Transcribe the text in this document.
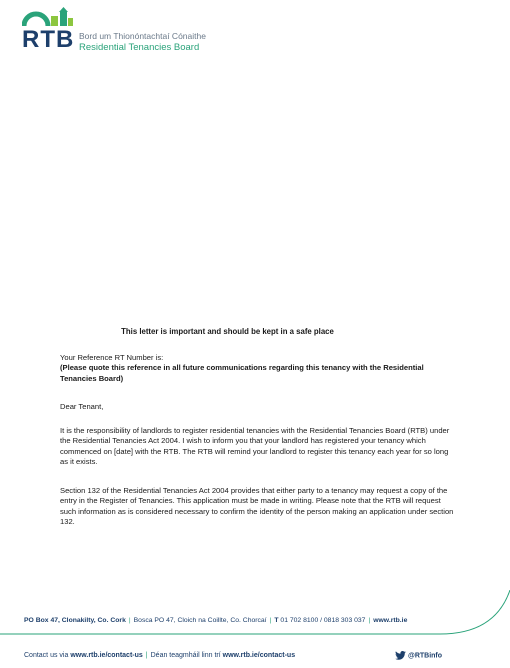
RTB Bord um Thionóntachtaí Cónaithe
Residential Tenancies Board
This letter is important and should be kept in a safe place

Your Reference RT Number is:

(Please quote this reference in all future communications regarding this tenancy with the Residential Tenancies Board)

Dear Tenant,

It is the responsibility of landlords to register residential tenancies with the Residential Tenancies Board (RTB) under the Residential Tenancies Act 2004. I wish to inform you that your landlord has registered your tenancy which commenced on [date] with the RTB. The RTB will remind your landlord to register this tenancy each year for so long as it exists.

Section 132 of the Residential Tenancies Act 2004 provides that either party to a tenancy may request a copy of the entry in the Register of Tenancies. This application must be made in writing. Please note that the RTB will request such information as is considered necessary to confirm the identity of the person making an application under section 132.

PO Box 47, Clonakilty, Co. Cork | Bosca PO 47, Cloich na Coillte, Co. Chorcaí | T 01 702 8100 / 0818 303 037 | www.rtb.ie
Contact us via www.rtb.ie/contact-us | Déan teagmháil linn trí www.rtb.ie/contact-us	@RTBinfo
